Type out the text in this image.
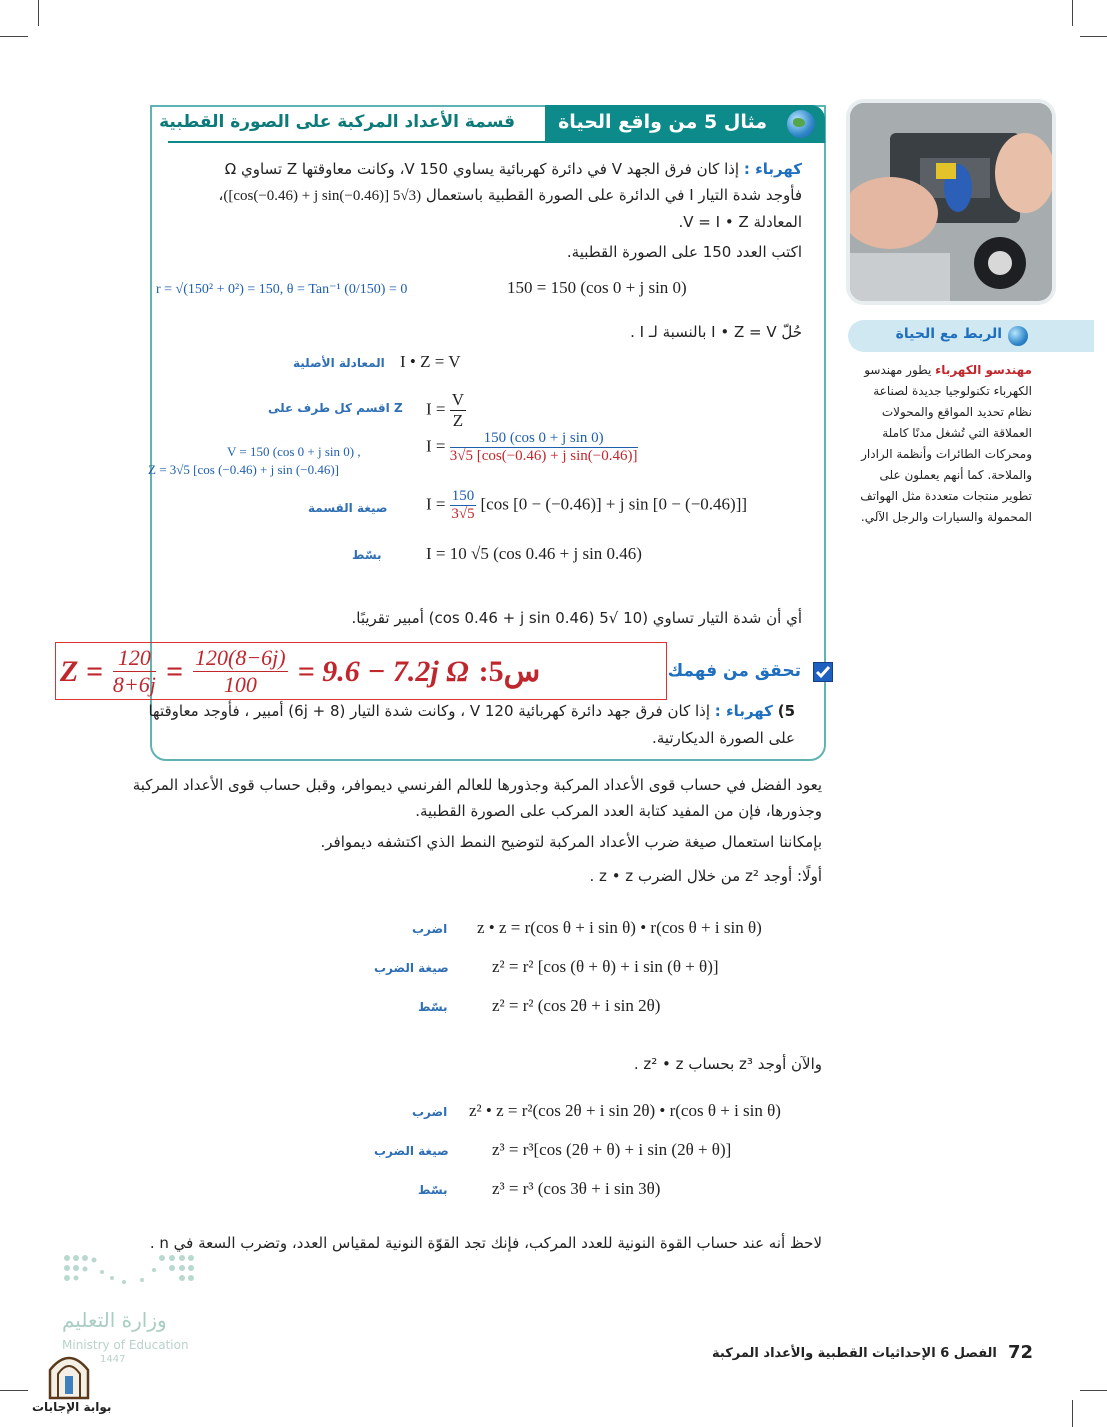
مثال 5 من واقع الحياة
قسمة الأعداد المركبة على الصورة القطبية
كهرباء : إذا كان فرق الجهد V في دائرة كهربائية يساوي 150 V، وكانت معاوقتها Z تساوي Ω
فأوجد شدة التيار I في الدائرة على الصورة القطبية باستعمال (3√5 [cos(−0.46) + j sin(−0.46)])،
المعادلة V = I • Z.
اكتب العدد 150 على الصورة القطبية.
150 = 150 (cos 0 + j sin 0)
r = √(150² + 0²) = 150, θ = Tan⁻¹ (0/150) = 0
حُلّ I • Z = V بالنسبة لـ I .
I • Z = V
المعادلة الأصلية
$I = \frac{V}{Z}$
اقسم كل طرف على Z
$I = \frac{\text{150 (cos 0 + j sin 0)}}{\text{3√5 [cos(−0.46) + j sin(−0.46)]}}$
V = 150 (cos 0 + j sin 0) ,
Z = 3√5 [cos (−0.46) + j sin (−0.46)]
$I = \frac{150}{3√5} [\cos$ [0 − (−0.46)] + j sin [0 − (−0.46)]]
صيغة القسمة
I = 10 √5 (cos 0.46 + j sin 0.46)
بسّط
أي أن شدة التيار تساوي (10 √5 (cos 0.46 + j sin 0.46) أمبير تقريبًا.
تحقق من فهمك
$Z = \frac{120}{8+6j} = \frac{120(8-6j)}{100} = 9.6 - 7.2j$ Ω :5س
5) كهرباء : إذا كان فرق جهد دائرة كهربائية 120 V ، وكانت شدة التيار (8 + 6j) أمبير ، فأوجد معاوقتها
على الصورة الديكارتية.
يعود الفضل في حساب قوى الأعداد المركبة وجذورها للعالم الفرنسي ديموافر، وقبل حساب قوى الأعداد المركبة
وجذورها، فإن من المفيد كتابة العدد المركب على الصورة القطبية.
بإمكاننا استعمال صيغة ضرب الأعداد المركبة لتوضيح النمط الذي اكتشفه ديموافر.
أولًا: أوجد z² من خلال الضرب z • z .
z • z = r(cos θ + i sin θ) • r(cos θ + i sin θ)
اضرب
z² = r² [cos (θ + θ) + i sin (θ + θ)]
صيغة الضرب
z² = r² (cos 2θ + i sin 2θ)
بسّط
والآن أوجد z³ بحساب z² • z .
z² • z = r²(cos 2θ + i sin 2θ) • r(cos θ + i sin θ)
اضرب
z³ = r³[cos (2θ + θ) + i sin (2θ + θ)]
صيغة الضرب
z³ = r³ (cos 3θ + i sin 3θ)
بسّط
لاحظ أنه عند حساب القوة النونية للعدد المركب، فإنك تجد القوّة النونية لمقياس العدد، وتضرب السعة في n .
الربط مع الحياة
مهندسو الكهرباء يطور مهندسو
الكهرباء تكنولوجيا جديدة لصناعة
نظام تحديد المواقع والمحولات
العملاقة التي تُشغل مدنًا كاملة
ومحركات الطائرات وأنظمة الرادار
والملاحة. كما أنهم يعملون على
تطوير منتجات متعددة مثل الهواتف
المحمولة والسيارات والرجل الآلي.
الفصل 6 الإحداثيات القطبية والأعداد المركبة	72
وزارة التعليم
Ministry of Education
1447
بوابة الإجابات
